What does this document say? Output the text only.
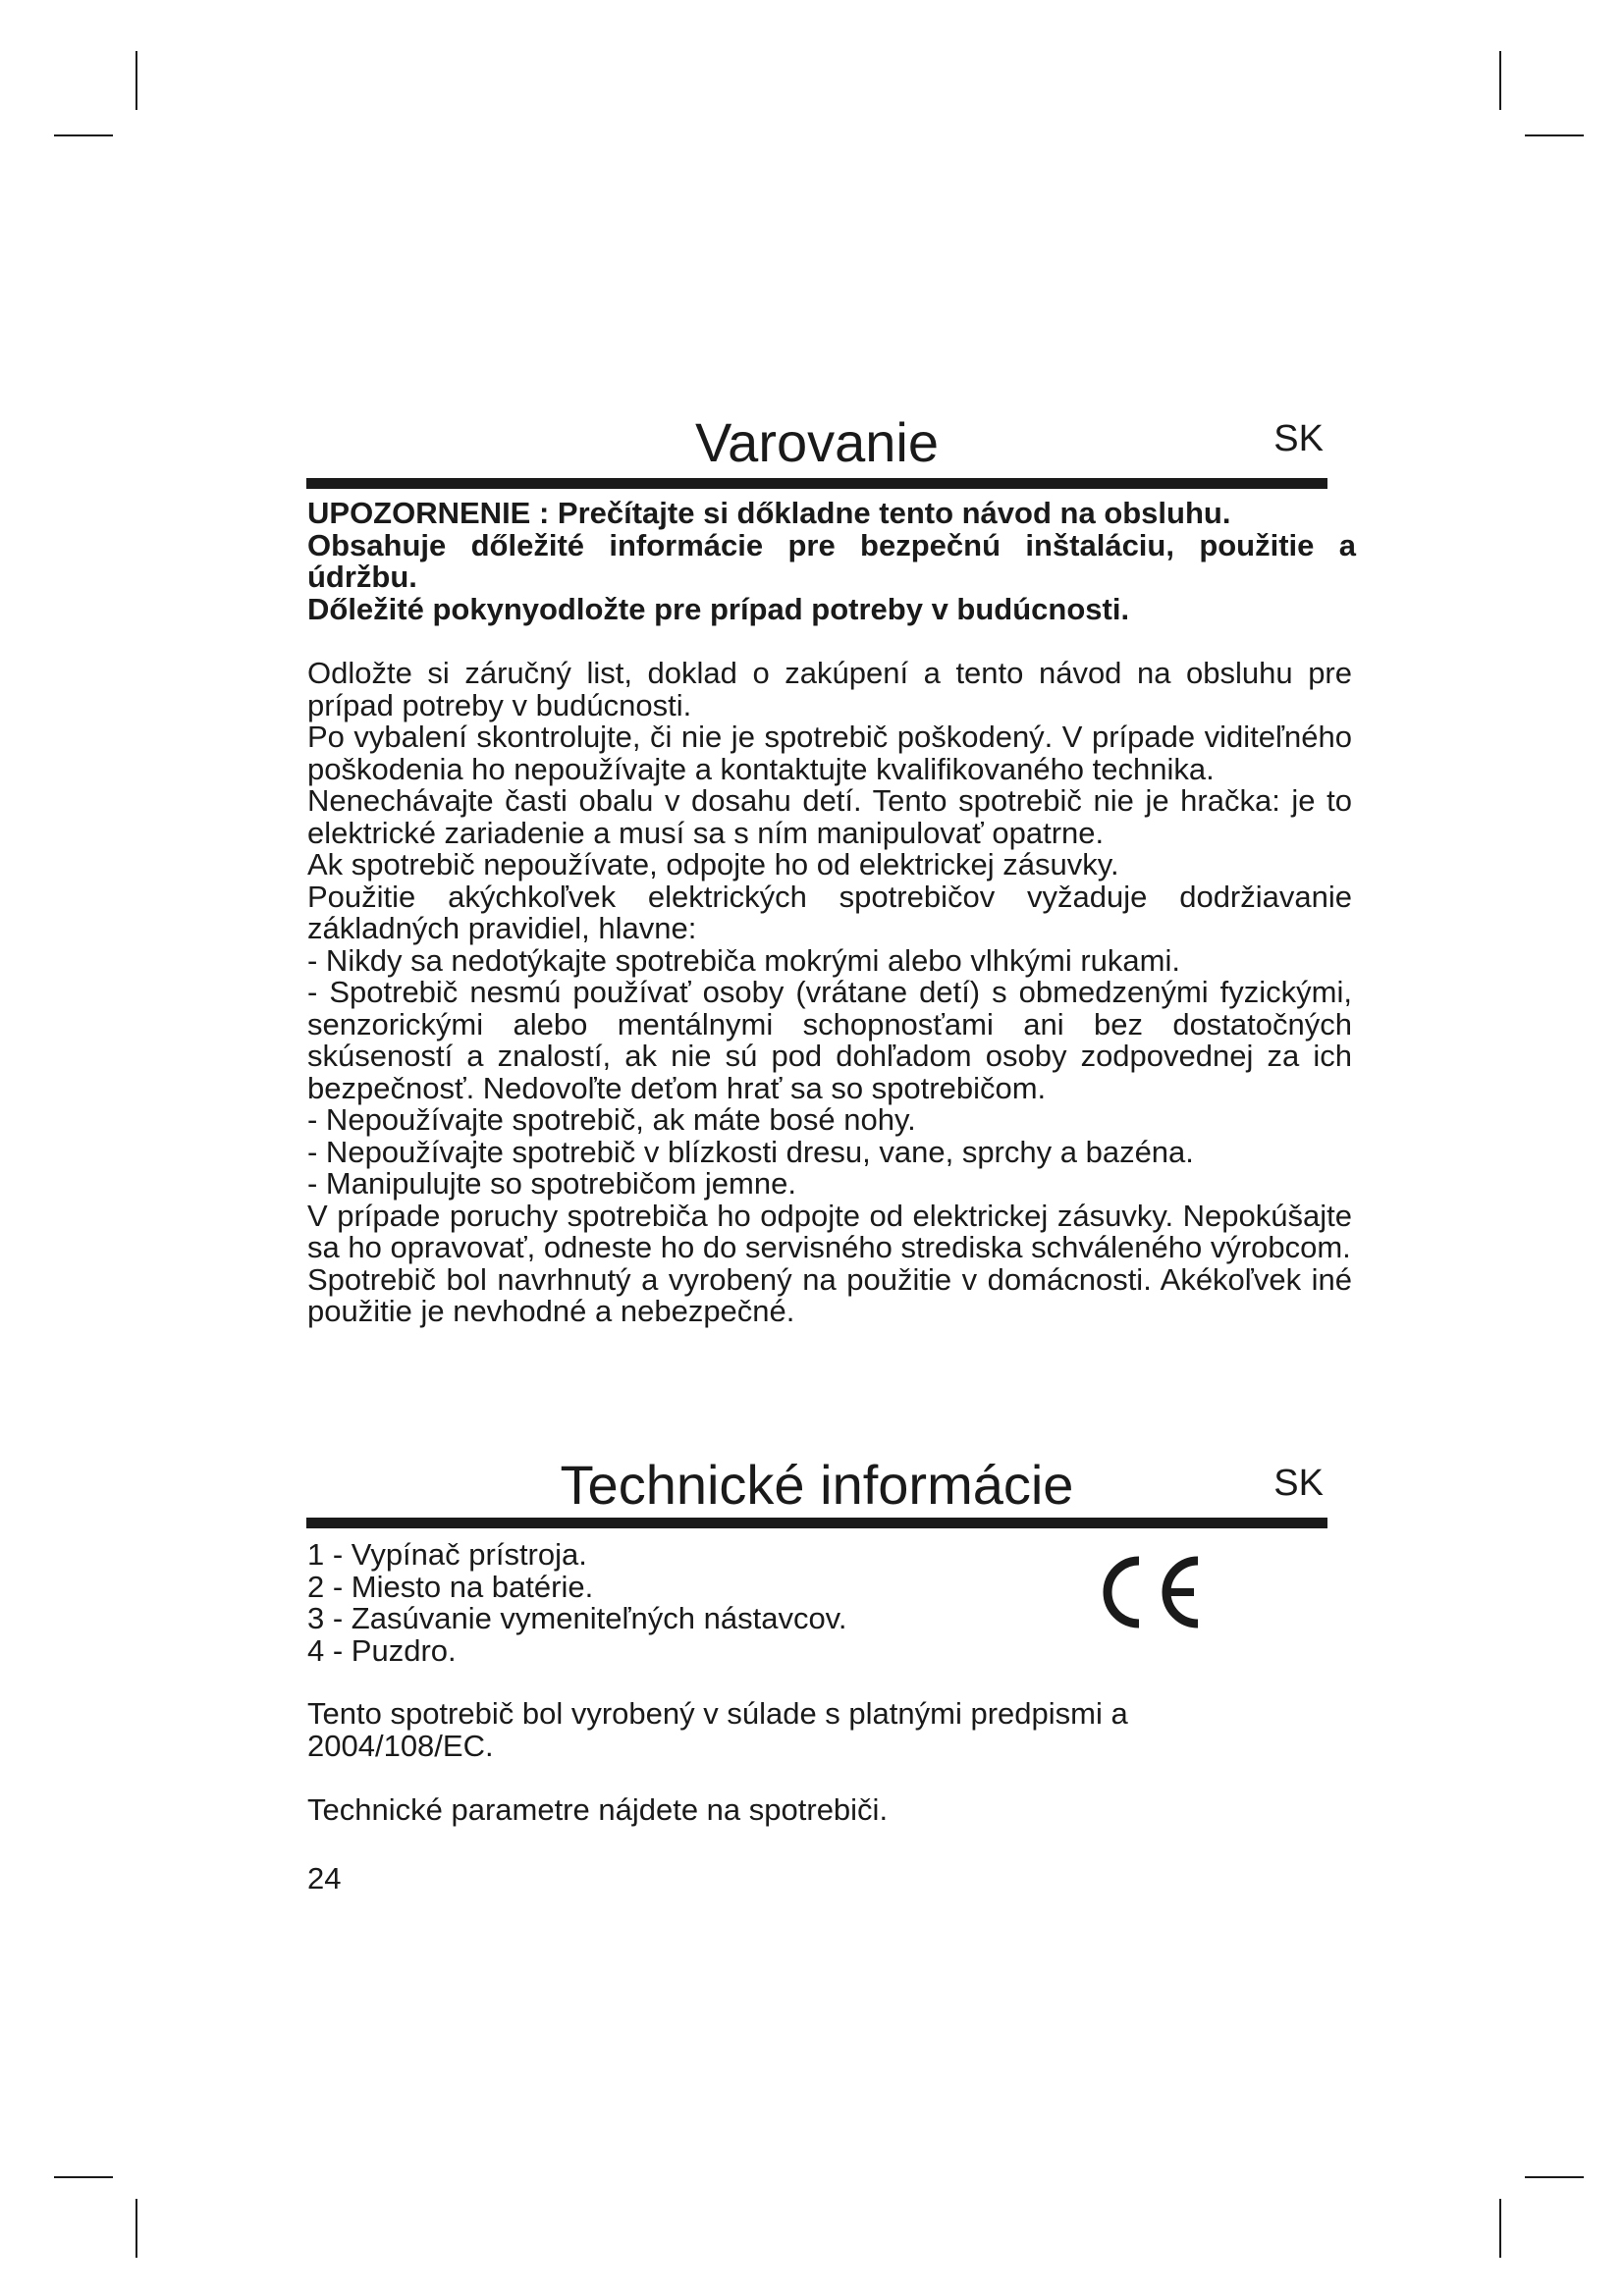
Varovanie	SK

UPOZORNENIE : Prečítajte si dőkladne tento návod na obsluhu.

Obsahuje dőležité informácie pre bezpečnú inštaláciu, použitie a údržbu.

Dőležité pokynyodložte pre prípad potreby v budúcnosti.

Odložte si záručný list, doklad o zakúpení a tento návod na obsluhu pre prípad potreby v budúcnosti.

Po vybalení skontrolujte, či nie je spotrebič poškodený. V prípade viditeľného poškodenia ho nepoužívajte a kontaktujte kvalifikovaného technika.

Nenechávajte časti obalu v dosahu detí. Tento spotrebič nie je hračka: je to elektrické zariadenie a musí sa s ním manipulovať opatrne.

Ak spotrebič nepoužívate, odpojte ho od elektrickej zásuvky.

Použitie akýchkoľvek elektrických spotrebičov vyžaduje dodržiavanie základných pravidiel, hlavne:

- Nikdy sa nedotýkajte spotrebiča mokrými alebo vlhkými rukami.

- Spotrebič nesmú používať osoby (vrátane detí) s obmedzenými fyzickými, senzorickými alebo mentálnymi schopnosťami ani bez dostatočných skúseností a znalostí, ak nie sú pod dohľadom osoby zodpovednej za ich bezpečnosť. Nedovoľte deťom hrať sa so spotrebičom.

- Nepoužívajte spotrebič, ak máte bosé nohy.

- Nepoužívajte spotrebič v blízkosti dresu, vane, sprchy a bazéna.

- Manipulujte so spotrebičom jemne.

V prípade poruchy spotrebiča ho odpojte od elektrickej zásuvky. Nepokúšajte sa ho opravovať, odneste ho do servisného strediska schváleného výrobcom.

Spotrebič bol navrhnutý a vyrobený na použitie v domácnosti. Akékoľvek iné použitie je nevhodné a nebezpečné.

Technické informácie	SK
1 - Vypínač prístroja.
2 - Miesto na batérie.
3 - Zasúvanie vymeniteľných nástavcov.
4 - Puzdro.
Tento spotrebič bol vyrobený v súlade s platnými predpismi a 2004/108/EC.
Technické parametre nájdete na spotrebiči.
24
